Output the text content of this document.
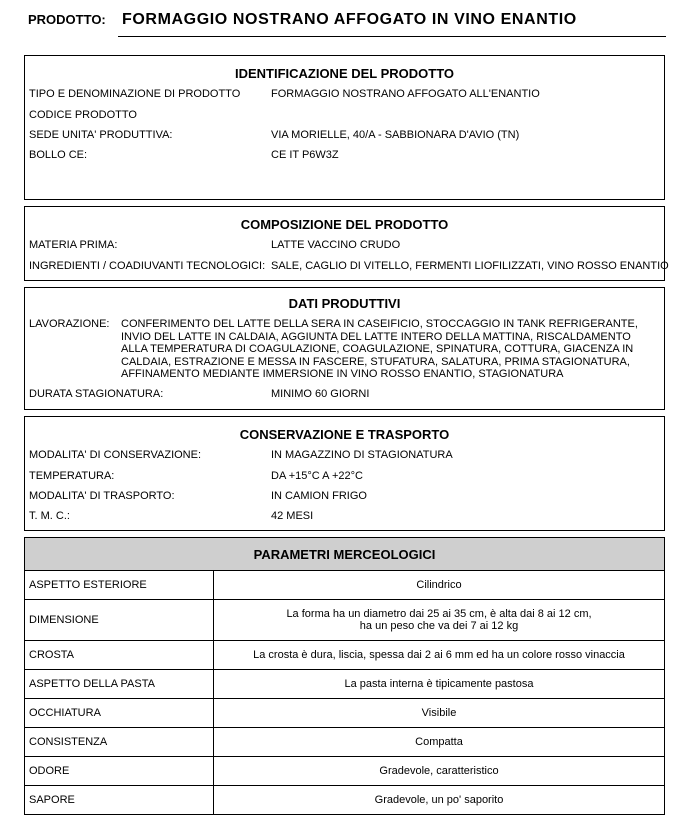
PRODOTTO: FORMAGGIO NOSTRANO AFFOGATO IN VINO ENANTIO
IDENTIFICAZIONE DEL PRODOTTO
TIPO E DENOMINAZIONE DI PRODOTTO	FORMAGGIO NOSTRANO AFFOGATO ALL'ENANTIO
CODICE PRODOTTO
SEDE UNITA' PRODUTTIVA:	VIA MORIELLE, 40/A - SABBIONARA D'AVIO (TN)
BOLLO CE:	CE IT P6W3Z
COMPOSIZIONE DEL PRODOTTO
MATERIA PRIMA:	LATTE VACCINO CRUDO
INGREDIENTI / COADIUVANTI TECNOLOGICI: SALE, CAGLIO DI VITELLO, FERMENTI LIOFILIZZATI, VINO ROSSO ENANTIO
DATI PRODUTTIVI
LAVORAZIONE: CONFERIMENTO DEL LATTE DELLA SERA IN CASEIFICIO, STOCCAGGIO IN TANK REFRIGERANTE, INVIO DEL LATTE IN CALDAIA, AGGIUNTA DEL LATTE INTERO DELLA MATTINA, RISCALDAMENTO ALLA TEMPERATURA DI COAGULAZIONE, COAGULAZIONE, SPINATURA, COTTURA, GIACENZA IN CALDAIA, ESTRAZIONE E MESSA IN FASCERE, STUFATURA, SALATURA, PRIMA STAGIONATURA, AFFINAMENTO MEDIANTE IMMERSIONE IN VINO ROSSO ENANTIO, STAGIONATURA
DURATA STAGIONATURA:	MINIMO 60 GIORNI
CONSERVAZIONE E TRASPORTO
MODALITA' DI CONSERVAZIONE:	IN MAGAZZINO DI STAGIONATURA
TEMPERATURA:	DA +15°C A +22°C
MODALITA' DI TRASPORTO:	IN CAMION FRIGO
T. M. C.:	42 MESI
PARAMETRI MERCEOLOGICI	
ASPETTO ESTERIORE	Cilindrico
DIMENSIONE	La forma ha un diametro dai 25 ai 35 cm, è alta dai 8 ai 12 cm,
ha un peso che va dei 7 ai 12 kg
CROSTA	La crosta è dura, liscia, spessa dai 2 ai 6 mm ed ha un colore rosso vinaccia
ASPETTO DELLA PASTA	La pasta interna è tipicamente pastosa
OCCHIATURA	Visibile
CONSISTENZA	Compatta
ODORE	Gradevole, caratteristico
SAPORE	Gradevole, un po' saporito
